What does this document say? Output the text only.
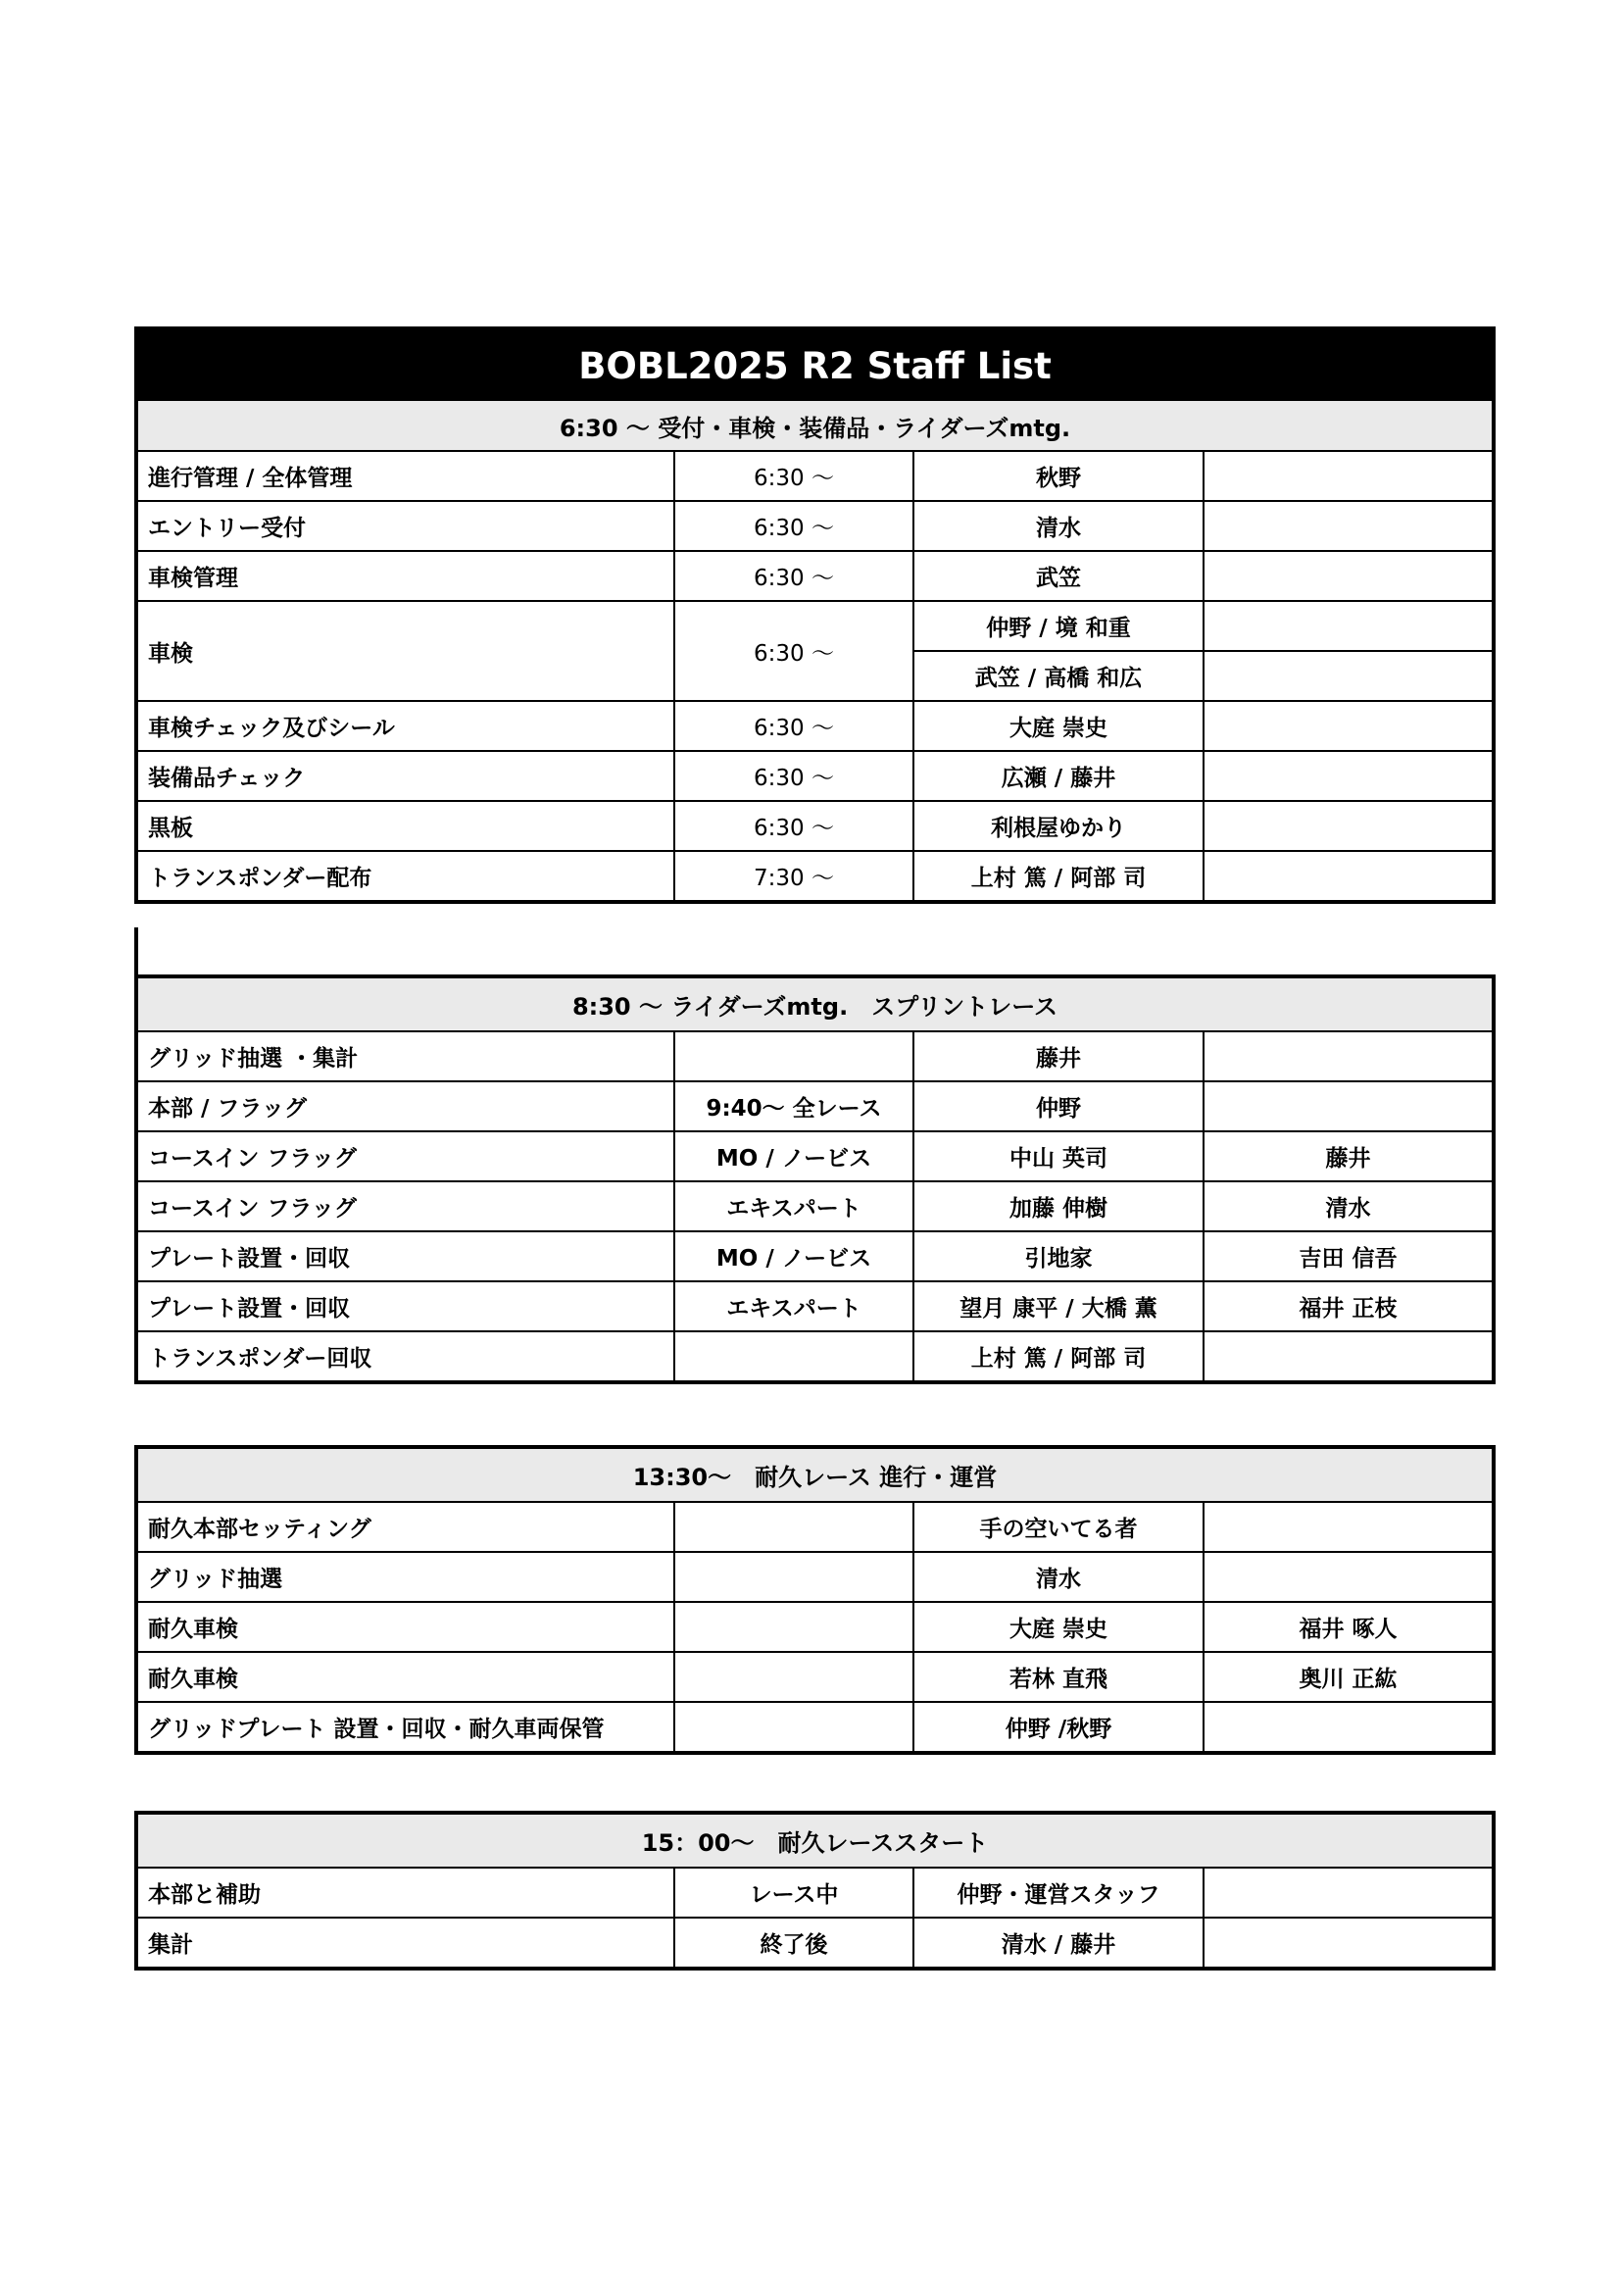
BOBL2025 R2 Staff List
6:30 〜 受付・車検・装備品・ライダーズmtg.
進行管理 / 全体管理	6:30 〜	秋野	
エントリー受付	6:30 〜	清水	
車検管理	6:30 〜	武笠	
車検	6:30 〜	仲野 / 境 和重	
		武笠 / 高橋 和広	
車検チェック及びシール	6:30 〜	大庭 崇史	
装備品チェック	6:30 〜	広瀬 / 藤井	
黒板	6:30 〜	利根屋ゆかり	
トランスポンダー配布	7:30 〜	上村 篤 / 阿部 司	
8:30 〜 ライダーズmtg.　スプリントレース
グリッド抽選 ・集計		藤井	
本部 / フラッグ	9:40〜 全レース	仲野	
コースイン フラッグ	MO / ノービス	中山 英司	藤井
コースイン フラッグ	エキスパート	加藤 伸樹	清水
プレート設置・回収	MO / ノービス	引地家	吉田 信吾
プレート設置・回収	エキスパート	望月 康平 / 大橋 薫	福井 正枝
トランスポンダー回収		上村 篤 / 阿部 司	
13:30〜　耐久レース 進行・運営
耐久本部セッティング		手の空いてる者	
グリッド抽選		清水	
耐久車検		大庭 崇史	福井 啄人
耐久車検		若林 直飛	奥川 正紘
グリッドプレート 設置・回収・耐久車両保管		仲野 /秋野	
15：00〜　耐久レーススタート
本部と補助	レース中	仲野・運営スタッフ	
集計	終了後	清水 / 藤井	
